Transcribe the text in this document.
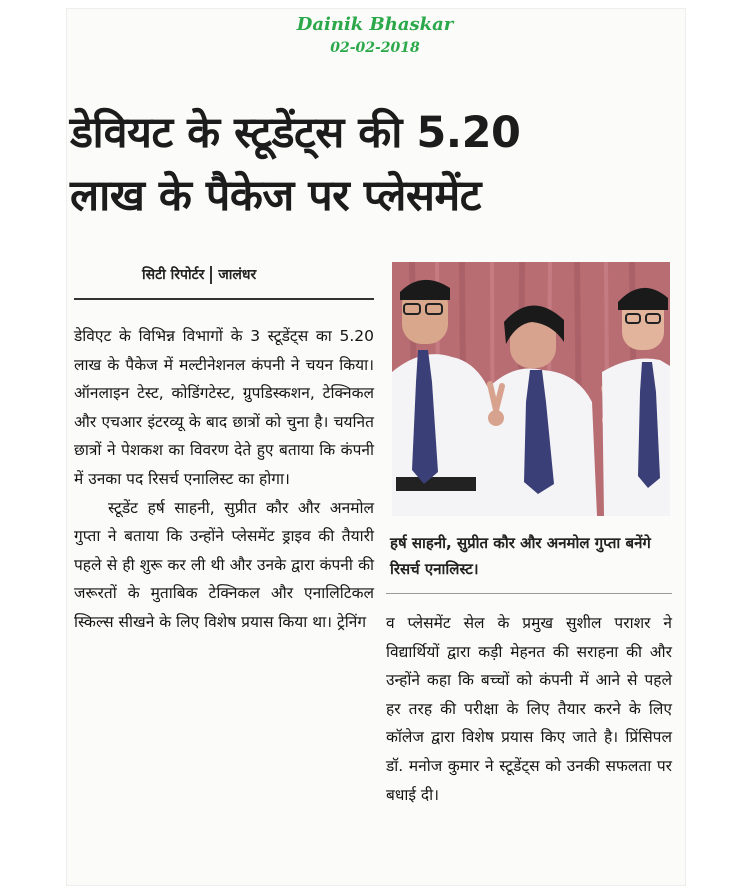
Dainik Bhaskar
02-02-2018
डेवियट के स्टूडेंट्स की 5.20
लाख के पैकेज पर प्लेसमेंट
सिटी रिपोर्टर जालंधर

डेविएट के विभिन्न विभागों के 3 स्टूडेंट्स का 5.20 लाख के पैकेज में मल्टीनेशनल कंपनी ने चयन किया। ऑनलाइन टेस्ट, कोडिंगटेस्ट, ग्रुपडिस्कशन, टेक्निकल और एचआर इंटरव्यू के बाद छात्रों को चुना है। चयनित छात्रों ने पेशकश का विवरण देते हुए बताया कि कंपनी में उनका पद रिसर्च एनालिस्ट का होगा।

स्टूडेंट हर्ष साहनी, सुप्रीत कौर और अनमोल गुप्ता ने बताया कि उन्होंने प्लेसमेंट ड्राइव की तैयारी पहले से ही शुरू कर ली थी और उनके द्वारा कंपनी की जरूरतों के मुताबिक टेक्निकल और एनालिटिकल स्किल्स सीखने के लिए विशेष प्रयास किया था। ट्रेनिंग

हर्ष साहनी, सुप्रीत कौर और अनमोल गुप्ता बनेंगे रिसर्च एनालिस्ट।

व प्लेसमेंट सेल के प्रमुख सुशील पराशर ने विद्यार्थियों द्वारा कड़ी मेहनत की सराहना की और उन्होंने कहा कि बच्चों को कंपनी में आने से पहले हर तरह की परीक्षा के लिए तैयार करने के लिए कॉलेज द्वारा विशेष प्रयास किए जाते है। प्रिंसिपल डॉ. मनोज कुमार ने स्टूडेंट्स को उनकी सफलता पर बधाई दी।
